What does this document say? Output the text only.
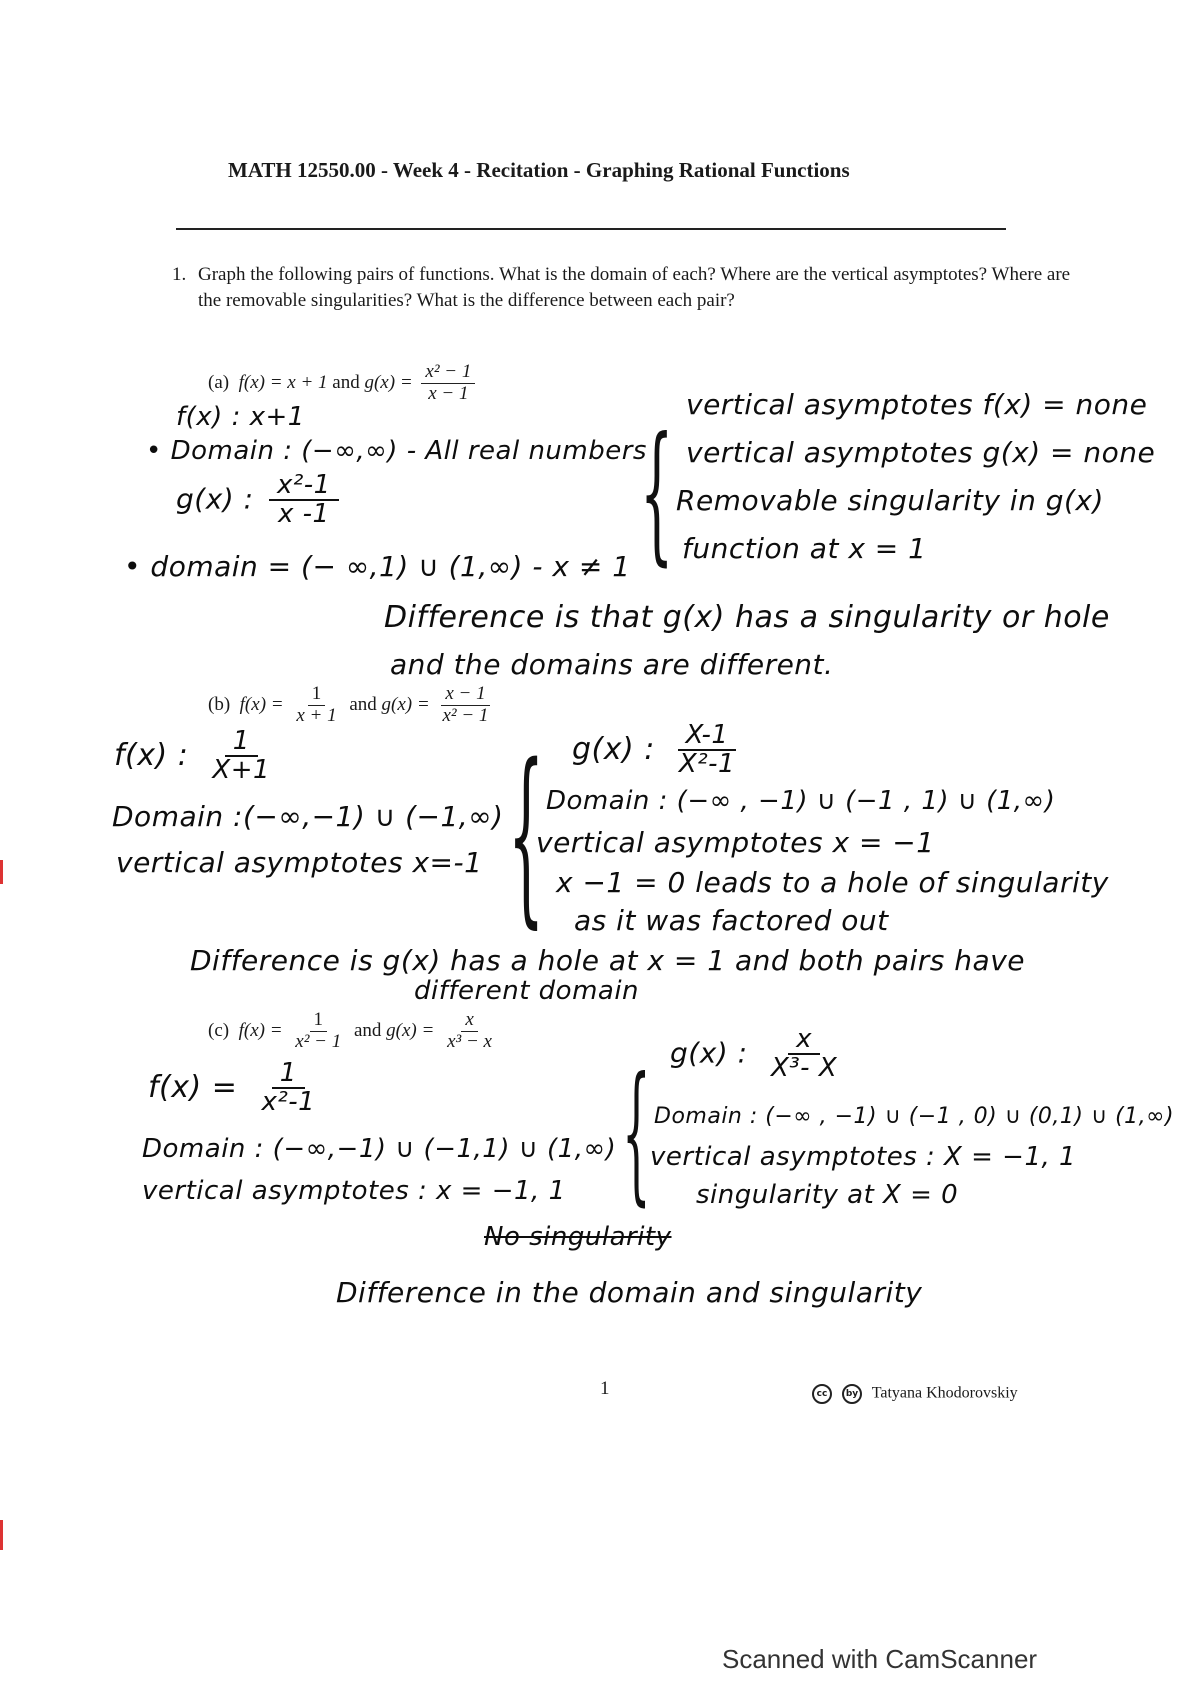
MATH 12550.00 - Week 4 - Recitation - Graphing Rational Functions
1. Graph the following pairs of functions. What is the domain of each? Where are the vertical asymptotes? Where are the removable singularities? What is the difference between each pair?
(a) f(x) = x + 1 and $g(x) = \frac{\text{x² − 1}}{x - 1}$
f(x) : x+1
• Domain : (−∞,∞) - All real numbers
g(x) : $\frac{\text{x²-1}}{x -1}$
• domain = (− ∞,1) ∪ (1,∞) - x ≠ 1 {
vertical asymptotes f(x) = none
vertical asymptotes g(x) = none
Removable singularity in g(x)
function at x = 1
Difference is that g(x) has a singularity or hole
and the domains are different.
(b) $f(x) = \frac{1}{x + 1}$ and $g(x) = \frac{x - 1}{\text{x² − 1}}$
f(x) : $\frac{1}{X+1}$
Domain :(−∞,−1) ∪ (−1,∞)
vertical asymptotes x=-1 { g(x) : $\frac{X-1}{\text{X²-1}}$
Domain : (−∞ , −1) ∪ (−1 , 1) ∪ (1,∞)
vertical asymptotes x = −1
x −1 = 0 leads to a hole of singularity
as it was factored out
Difference is g(x) has a hole at x = 1 and both pairs have
different domain
(c) $f(x) = \frac{1}{\text{x² − 1}}$ and $g(x) = \frac{x}{\text{x³ − x}}$
$f(x) = \frac{1}{\text{x²-1}}$
Domain : (−∞,−1) ∪ (−1,1) ∪ (1,∞)
vertical asymptotes : x = −1, 1
No singularity
{ g(x) : $\frac{x}{\text{X³- X}}$
Domain : (−∞ , −1) ∪ (−1 , 0) ∪ (0,1) ∪ (1,∞)
vertical asymptotes : X = −1, 1
singularity at X = 0
Difference in the domain and singularity
1	cc by Tatyana Khodorovskiy
Scanned with CamScanner
